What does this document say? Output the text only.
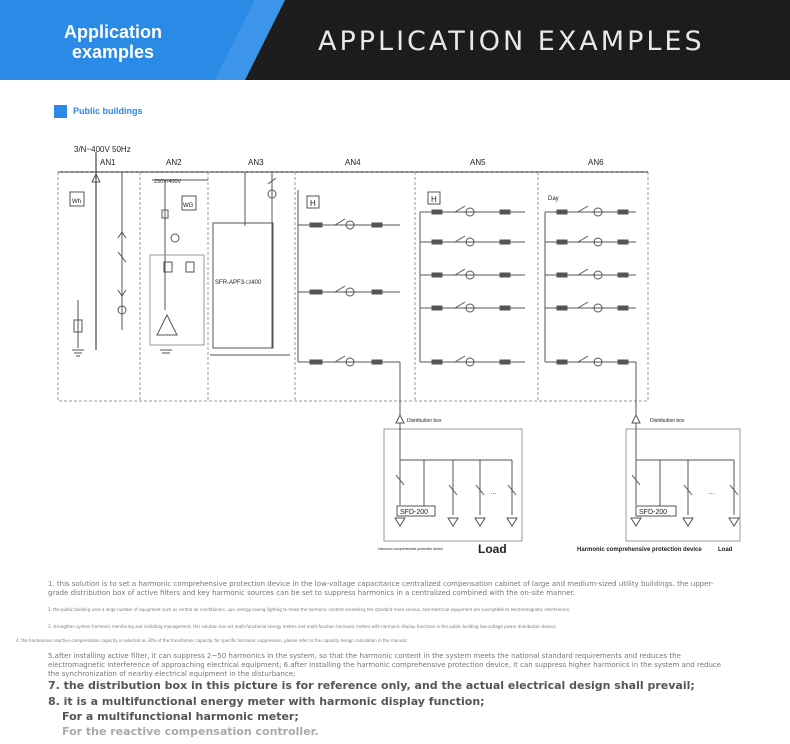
Application
examples	APPLICATION EXAMPLES
Public buildings
3/N~400V 50Hz
AN1	AN2	AN3	AN4	AN5	AN6
230V/400V
Wh
WG
SFR-APF3-□/400
H	H	Day
Distribution box	Distribution box
SFD-200	SFD-200
…	…
Harmonic comprehensive protection device	Load	Harmonic comprehensive protection device	Load
1. this solution is to set a harmonic comprehensive protection device in the low-voltage capacitance centralized compensation cabinet of large and medium-sized utility buildings. the upper-grade distribution box of active filters and key harmonic sources can be set to suppress harmonics in a centralized combined with the on-site manner.
2. the public building uses a large number of equipment such as central air conditioners, ups, energy-saving lighting to make the harmonic content exceeding the standard more serious, and electrical equipment are susceptible to electromagnetic interference;
3. strengthen system harmonic monitoring and inhibiting management. this solution has set multi-functional energy meters and multi-function harmonic meters with harmonic display functions in the public building low-voltage power distribution device;
4. the harmonious reactive compensation capacity is selected as 30% of the transformer capacity. for specific harmonic suppression, please refer to the capacity design calculation in the manual;
5.after installing active filter, it can suppress 2~50 harmonics in the system, so that the harmonic content in the system meets the national standard requirements and reduces the electromagnetic interference of approaching electrical equipment; 6.after installing the harmonic comprehensive protection device, it can suppress higher harmonics in the system and reduce the synchronization of nearby electrical equipment in the disturbance;
7. the distribution box in this picture is for reference only, and the actual electrical design shall prevail;
8. it is a multifunctional energy meter with harmonic display function;
For a multifunctional harmonic meter;
For the reactive compensation controller.
